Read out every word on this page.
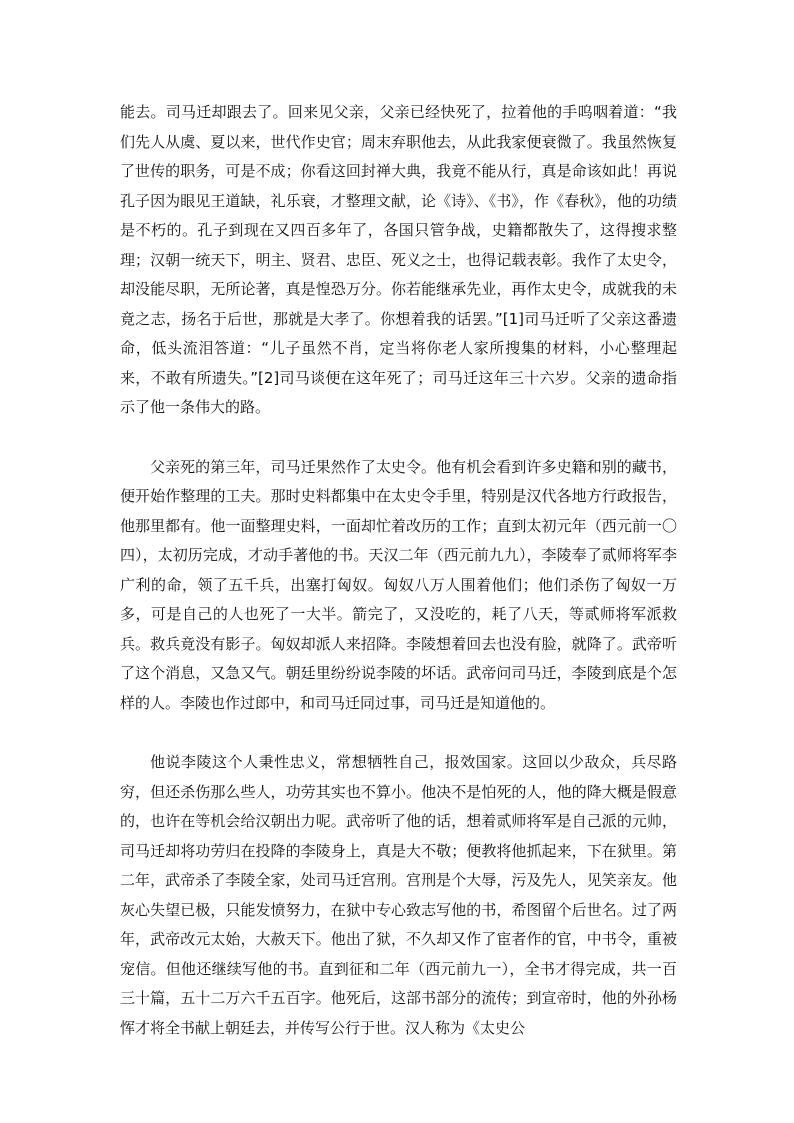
能去。司马迁却跟去了。回来见父亲，父亲已经快死了，拉着他的手呜咽着道：“我们先人从虞、夏以来，世代作史官；周末弃职他去，从此我家便衰微了。我虽然恢复了世传的职务，可是不成；你看这回封禅大典，我竟不能从行，真是命该如此！再说孔子因为眼见王道缺，礼乐衰，才整理文献，论《诗》、《书》，作《春秋》，他的功绩是不朽的。孔子到现在又四百多年了，各国只管争战，史籍都散失了，这得搜求整理；汉朝一统天下，明主、贤君、忠臣、死义之士，也得记载表彰。我作了太史令，却没能尽职，无所论著，真是惶恐万分。你若能继承先业，再作太史令，成就我的未竟之志，扬名于后世，那就是大孝了。你想着我的话罢。”[1]司马迁听了父亲这番遗命，低头流泪答道：“儿子虽然不肖，定当将你老人家所搜集的材料，小心整理起来，不敢有所遗失。”[2]司马谈便在这年死了；司马迁这年三十六岁。父亲的遗命指示了他一条伟大的路。

父亲死的第三年，司马迁果然作了太史令。他有机会看到许多史籍和别的藏书，便开始作整理的工夫。那时史料都集中在太史令手里，特别是汉代各地方行政报告，他那里都有。他一面整理史料，一面却忙着改历的工作；直到太初元年（西元前一〇四），太初历完成，才动手著他的书。天汉二年（西元前九九），李陵奉了贰师将军李广利的命，领了五千兵，出塞打匈奴。匈奴八万人围着他们；他们杀伤了匈奴一万多，可是自己的人也死了一大半。箭完了，又没吃的，耗了八天，等贰师将军派救兵。救兵竟没有影子。匈奴却派人来招降。李陵想着回去也没有脸，就降了。武帝听了这个消息，又急又气。朝廷里纷纷说李陵的坏话。武帝问司马迁，李陵到底是个怎样的人。李陵也作过郎中，和司马迁同过事，司马迁是知道他的。

他说李陵这个人秉性忠义，常想牺牲自己，报效国家。这回以少敌众，兵尽路穷，但还杀伤那么些人，功劳其实也不算小。他决不是怕死的人，他的降大概是假意的，也许在等机会给汉朝出力呢。武帝听了他的话，想着贰师将军是自己派的元帅，司马迁却将功劳归在投降的李陵身上，真是大不敬；便教将他抓起来，下在狱里。第二年，武帝杀了李陵全家，处司马迁宫刑。宫刑是个大辱，污及先人，见笑亲友。他灰心失望已极，只能发愤努力，在狱中专心致志写他的书，希图留个后世名。过了两年，武帝改元太始，大赦天下。他出了狱，不久却又作了宦者作的官，中书令，重被宠信。但他还继续写他的书。直到征和二年（西元前九一），全书才得完成，共一百三十篇，五十二万六千五百字。他死后，这部书部分的流传；到宣帝时，他的外孙杨恽才将全书献上朝廷去，并传写公行于世。汉人称为《太史公
